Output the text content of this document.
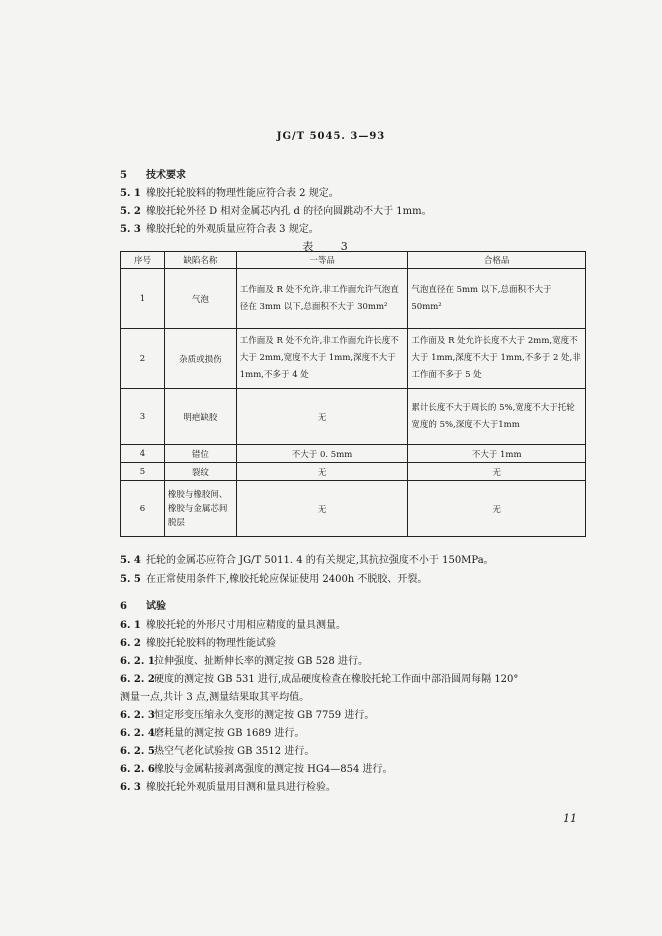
JG/T 5045. 3—93
5 技术要求
5. 1 橡胶托轮胶料的物理性能应符合表 2 规定。
5. 2 橡胶托轮外径 D 相对金属芯内孔 d 的径向圆跳动不大于 1mm。
5. 3 橡胶托轮的外观质量应符合表 3 规定。
表 3
序号	缺陷名称	一等品	合格品
1	气泡	工作面及 R 处不允许,非工作面允许气泡直径在 3mm 以下,总面积不大于 30mm²	气泡直径在 5mm 以下,总面积不大于 50mm²
2	杂质或损伤	工作面及 R 处不允许,非工作面允许长度不大于 2mm,宽度不大于 1mm,深度不大于 1mm,不多于 4 处	工作面及 R 处允许长度不大于 2mm,宽度不大于 1mm,深度不大于 1mm,不多于 2 处,非工作面不多于 5 处
3	明疤缺胶	无	累计长度不大于周长的 5%,宽度不大于托轮宽度的 5%,深度不大于1mm
4	错位	不大于 0. 5mm	不大于 1mm
5	裂纹	无	无
6	橡胶与橡胶间、橡胶与金属芯间脱层	无	无
5. 4 托轮的金属芯应符合 JG/T 5011. 4 的有关规定,其抗拉强度不小于 150MPa。
5. 5 在正常使用条件下,橡胶托轮应保证使用 2400h 不脱胶、开裂。
6 试验
6. 1 橡胶托轮的外形尺寸用相应精度的量具测量。
6. 2 橡胶托轮胶料的物理性能试验
6. 2. 1拉伸强度、扯断伸长率的测定按 GB 528 进行。
6. 2. 2硬度的测定按 GB 531 进行,成品硬度检查在橡胶托轮工作面中部沿圆周每隔 120°
测量一点,共计 3 点,测量结果取其平均值。
6. 2. 3恒定形变压缩永久变形的测定按 GB 7759 进行。
6. 2. 4磨耗量的测定按 GB 1689 进行。
6. 2. 5热空气老化试验按 GB 3512 进行。
6. 2. 6橡胶与金属粘接剥离强度的测定按 HG4—854 进行。
6. 3 橡胶托轮外观质量用目测和量具进行检验。
11
